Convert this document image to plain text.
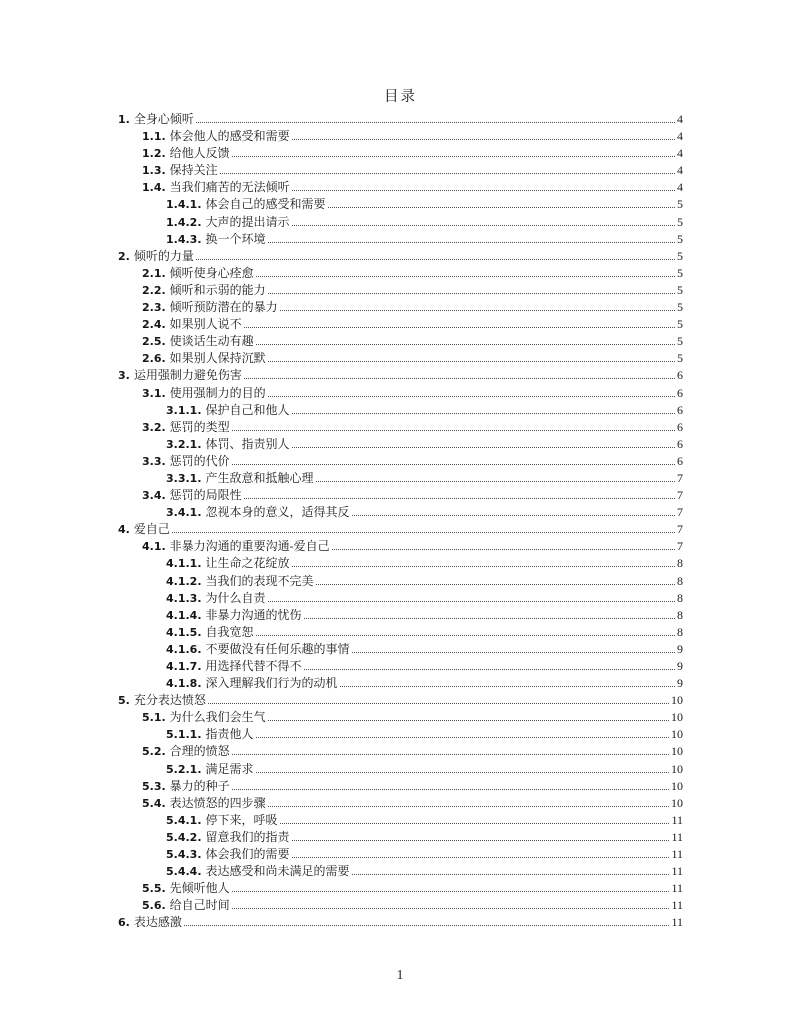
目录
1. 全身心倾听	4
1.1. 体会他人的感受和需要	4
1.2. 给他人反馈	4
1.3. 保持关注	4
1.4. 当我们痛苦的无法倾听	4
1.4.1. 体会自己的感受和需要	5
1.4.2. 大声的提出请示	5
1.4.3. 换一个环境	5
2. 倾听的力量	5
2.1. 倾听使身心痊愈	5
2.2. 倾听和示弱的能力	5
2.3. 倾听预防潜在的暴力	5
2.4. 如果别人说不	5
2.5. 使谈话生动有趣	5
2.6. 如果别人保持沉默	5
3. 运用强制力避免伤害	6
3.1. 使用强制力的目的	6
3.1.1. 保护自己和他人	6
3.2. 惩罚的类型	6
3.2.1. 体罚、指责别人	6
3.3. 惩罚的代价	6
3.3.1. 产生敌意和抵触心理	7
3.4. 惩罚的局限性	7
3.4.1. 忽视本身的意义，适得其反	7
4. 爱自己	7
4.1. 非暴力沟通的重要沟通-爱自己	7
4.1.1. 让生命之花绽放	8
4.1.2. 当我们的表现不完美	8
4.1.3. 为什么自责	8
4.1.4. 非暴力沟通的忧伤	8
4.1.5. 自我宽恕	8
4.1.6. 不要做没有任何乐趣的事情	9
4.1.7. 用选择代替不得不	9
4.1.8. 深入理解我们行为的动机	9
5. 充分表达愤怒	10
5.1. 为什么我们会生气	10
5.1.1. 指责他人	10
5.2. 合理的愤怒	10
5.2.1. 满足需求	10
5.3. 暴力的种子	10
5.4. 表达愤怒的四步骤	10
5.4.1. 停下来，呼吸	11
5.4.2. 留意我们的指责	11
5.4.3. 体会我们的需要	11
5.4.4. 表达感受和尚未满足的需要	11
5.5. 先倾听他人	11
5.6. 给自己时间	11
6. 表达感激	11
1
